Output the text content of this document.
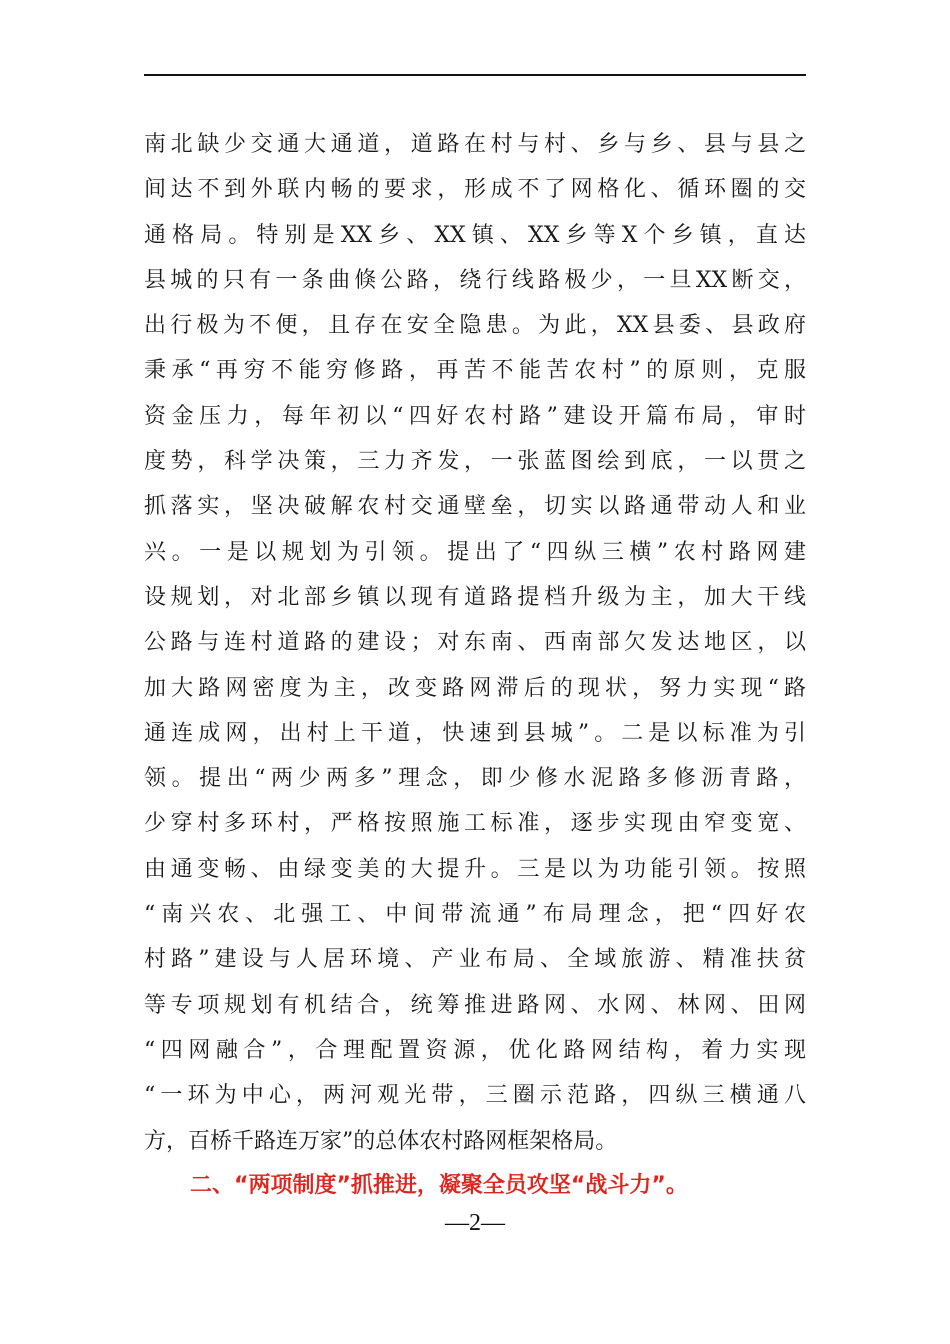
南北缺少交通大通道，道路在村与村、乡与乡、县与县之
间达不到外联内畅的要求，形成不了网格化、循环圈的交
通格局。特别是XX乡、XX镇、XX乡等X个乡镇，直达
县城的只有一条曲倏公路，绕行线路极少，一旦XX断交，
出行极为不便，且存在安全隐患。为此，XX县委、县政府
秉承“再穷不能穷修路，再苦不能苦农村”的原则，克服
资金压力，每年初以“四好农村路”建设开篇布局，审时
度势，科学决策，三力齐发，一张蓝图绘到底，一以贯之
抓落实，坚决破解农村交通壁垒，切实以路通带动人和业
兴。一是以规划为引领。提出了“四纵三横”农村路网建
设规划，对北部乡镇以现有道路提档升级为主，加大干线
公路与连村道路的建设；对东南、西南部欠发达地区，以
加大路网密度为主，改变路网滞后的现状，努力实现“路
通连成网，出村上干道，快速到县城”。二是以标准为引
领。提出“两少两多”理念，即少修水泥路多修沥青路，
少穿村多环村，严格按照施工标准，逐步实现由窄变宽、
由通变畅、由绿变美的大提升。三是以为功能引领。按照
“南兴农、北强工、中间带流通”布局理念，把“四好农
村路”建设与人居环境、产业布局、全域旅游、精准扶贫
等专项规划有机结合，统筹推进路网、水网、林网、田网
“四网融合”，合理配置资源，优化路网结构，着力实现
“一环为中心，两河观光带，三圈示范路，四纵三横通八
方，百桥千路连万家”的总体农村路网框架格局。
二、“两项制度”抓推进，凝聚全员攻坚“战斗力”。
—2—
